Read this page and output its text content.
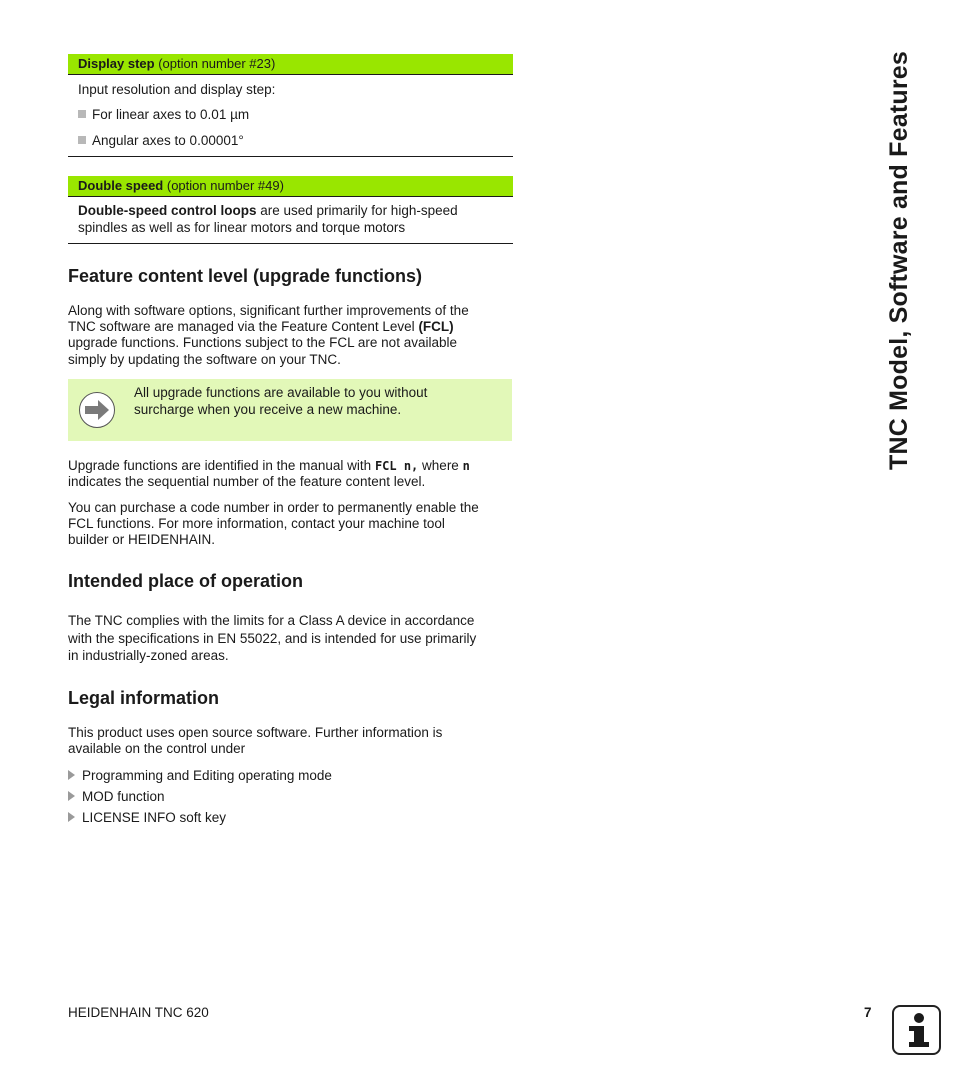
Display step (option number #23)
Input resolution and display step:
For linear axes to 0.01 µm
Angular axes to 0.00001°
Double speed (option number #49)
Double-speed control loops are used primarily for high-speed
spindles as well as for linear motors and torque motors
Feature content level (upgrade functions)
Along with software options, significant further improvements of the
TNC software are managed via the Feature Content Level (FCL)
upgrade functions. Functions subject to the FCL are not available
simply by updating the software on your TNC.
All upgrade functions are available to you without
surcharge when you receive a new machine.
Upgrade functions are identified in the manual with FCL n, where n
indicates the sequential number of the feature content level.
You can purchase a code number in order to permanently enable the
FCL functions. For more information, contact your machine tool
builder or HEIDENHAIN.
Intended place of operation
The TNC complies with the limits for a Class A device in accordance
with the specifications in EN 55022, and is intended for use primarily
in industrially-zoned areas.
Legal information
This product uses open source software. Further information is
available on the control under
Programming and Editing operating mode
MOD function
LICENSE INFO soft key
TNC Model, Software and Features
HEIDENHAIN TNC 620	7
